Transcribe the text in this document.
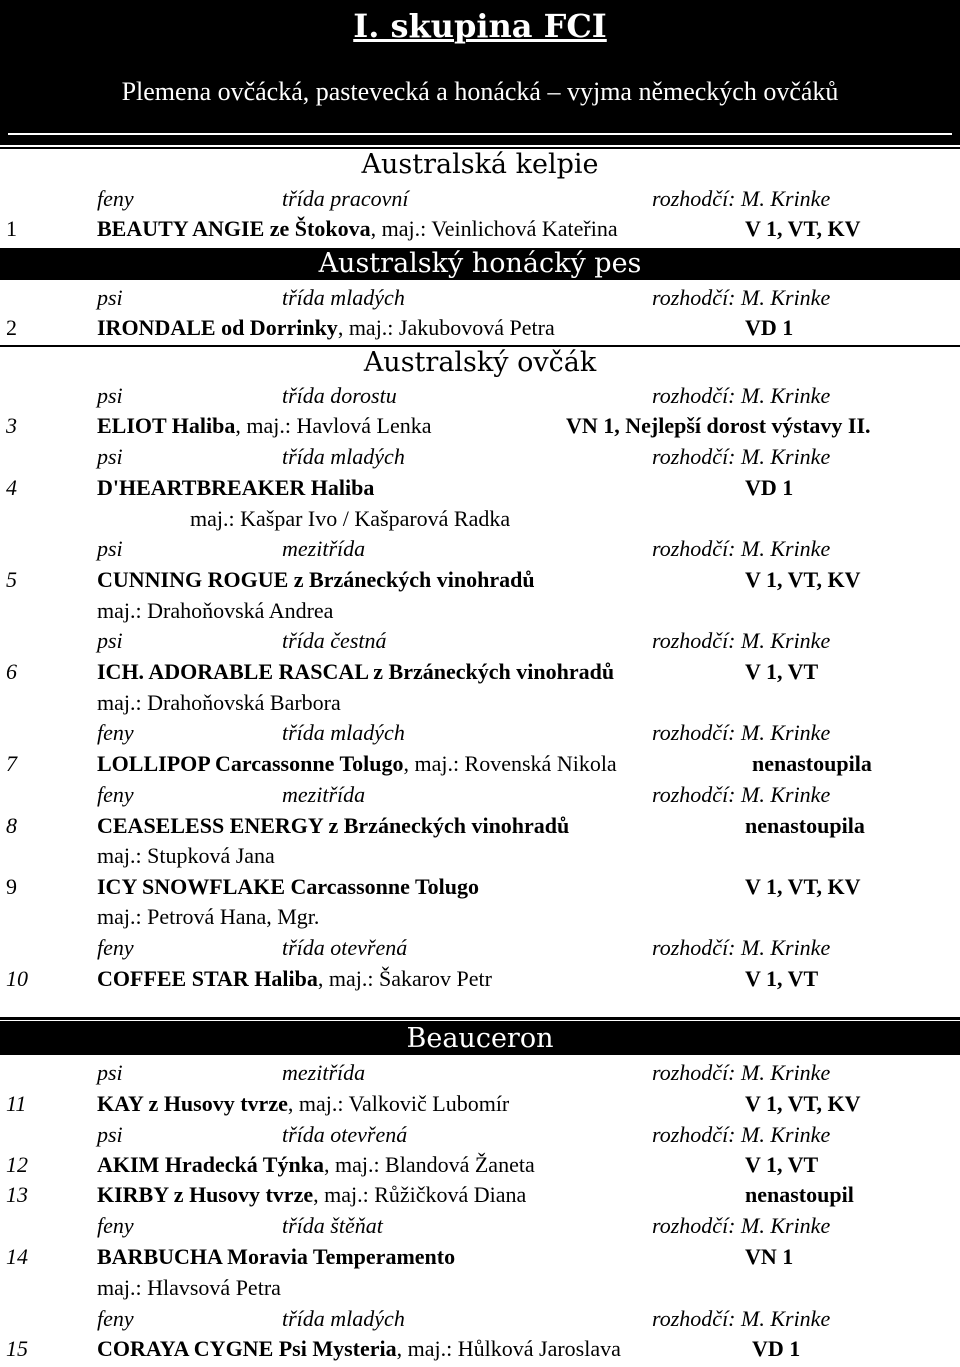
I. skupina FCI
Plemena ovčácká, pastevecká a honácká – vyjma německých ovčáků
Australská kelpie
feny	třída pracovní	rozhodčí: M. Krinke
1	BEAUTY ANGIE ze Štokova, maj.: Veinlichová Kateřina	V 1, VT, KV
Australský honácký pes
psi	třída mladých	rozhodčí: M. Krinke
2	IRONDALE od Dorrinky, maj.: Jakubovová Petra	VD 1
Australský ovčák
psi	třída dorostu	rozhodčí: M. Krinke
3	ELIOT Haliba, maj.: Havlová Lenka	VN 1, Nejlepší dorost výstavy II.
psi	třída mladých	rozhodčí: M. Krinke
4	D'HEARTBREAKER Haliba	VD 1
maj.: Kašpar Ivo / Kašparová Radka
psi	mezitřída	rozhodčí: M. Krinke
5	CUNNING ROGUE z Brzáneckých vinohradů	V 1, VT, KV
maj.: Drahoňovská Andrea
psi	třída čestná	rozhodčí: M. Krinke
6	ICH. ADORABLE RASCAL z Brzáneckých vinohradů	V 1, VT
maj.: Drahoňovská Barbora
feny	třída mladých	rozhodčí: M. Krinke
7	LOLLIPOP Carcassonne Tolugo, maj.: Rovenská Nikola	nenastoupila
feny	mezitřída	rozhodčí: M. Krinke
8	CEASELESS ENERGY z Brzáneckých vinohradů	nenastoupila
maj.: Stupková Jana
9	ICY SNOWFLAKE Carcassonne Tolugo	V 1, VT, KV
maj.: Petrová Hana, Mgr.
feny	třída otevřená	rozhodčí: M. Krinke
10	COFFEE STAR Haliba, maj.: Šakarov Petr	V 1, VT
Beauceron
psi	mezitřída	rozhodčí: M. Krinke
11	KAY z Husovy tvrze, maj.: Valkovič Lubomír	V 1, VT, KV
psi	třída otevřená	rozhodčí: M. Krinke
12	AKIM Hradecká Týnka, maj.: Blandová Žaneta	V 1, VT
13	KIRBY z Husovy tvrze, maj.: Růžičková Diana	nenastoupil
feny	třída štěňat	rozhodčí: M. Krinke
14	BARBUCHA Moravia Temperamento	VN 1
maj.: Hlavsová Petra
feny	třída mladých	rozhodčí: M. Krinke
15	CORAYA CYGNE Psi Mysteria, maj.: Hůlková Jaroslava	VD 1
